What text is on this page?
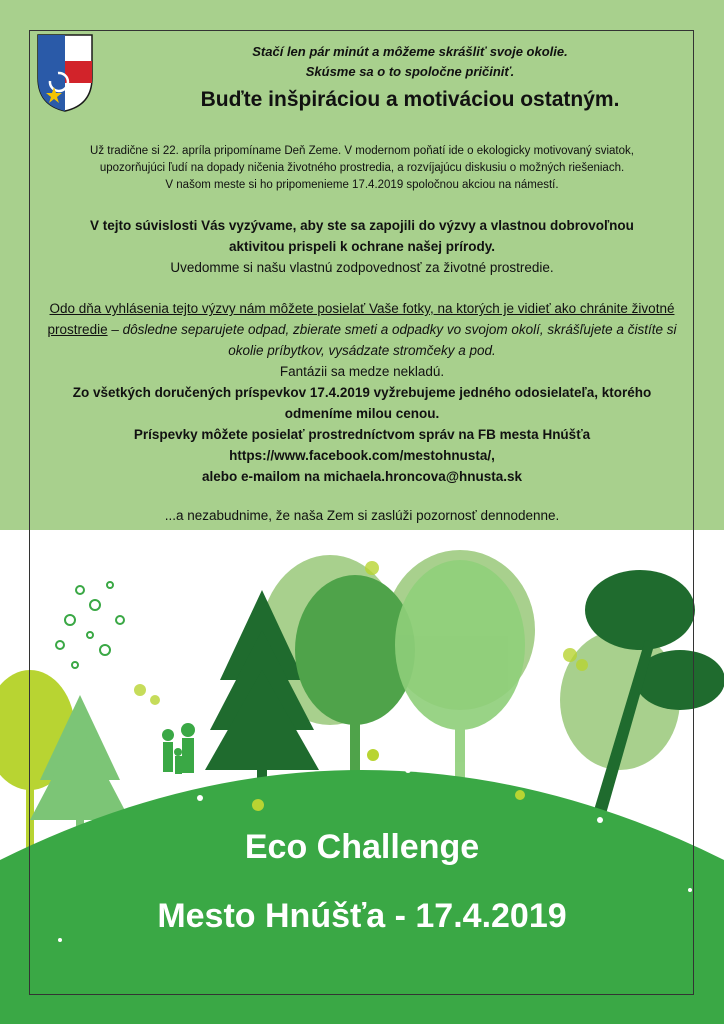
Stačí len pár minút a môžeme skrášliť svoje okolie.
Skúsme sa o to spoločne pričiniť.
Buďte inšpiráciou a motiváciou ostatným.
Už tradične si 22. apríla pripomíname Deň Zeme. V modernom poňatí ide o ekologicky motivovaný sviatok,
upozorňujúci ľudí na dopady ničenia životného prostredia, a rozvíjajúcu diskusiu o možných riešeniach.
V našom meste si ho pripomenieme 17.4.2019 spoločnou akciou na námestí.
V tejto súvislosti Vás vyzývame, aby ste sa zapojili do výzvy a vlastnou dobrovoľnou
aktivitou prispeli k ochrane našej prírody.
Uvedomme si našu vlastnú zodpovednosť za životné prostredie.
Odo dňa vyhlásenia tejto výzvy nám môžete posielať Vaše fotky, na ktorých je vidieť ako chránite životné prostredie – dôsledne separujete odpad, zbierate smeti a odpadky vo svojom okolí, skrášľujete a čistíte si okolie príbytkov, vysádzate stromčeky a pod.
Fantázii sa medze nekladú.
Zo všetkých doručených príspevkov 17.4.2019 vyžrebujeme jedného odosielateľa, ktorého
odmeníme milou cenou.
Príspevky môžete posielať prostredníctvom správ na FB mesta Hnúšťa
https://www.facebook.com/mestohnusta/,
alebo e-mailom na michaela.hroncova@hnusta.sk
...a nezabudnime, že naša Zem si zaslúži pozornosť dennodenne.
Eco Challenge
Mesto Hnúšťa - 17.4.2019
